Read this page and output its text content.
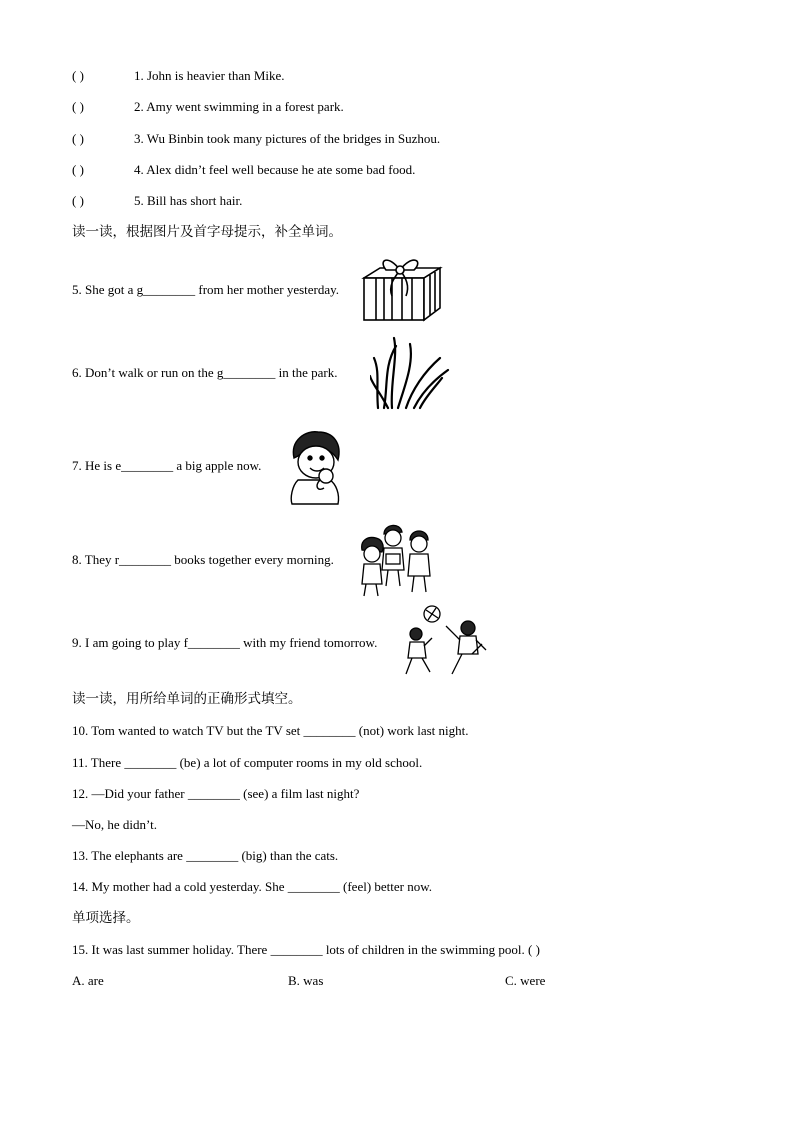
( )	1. John is heavier than Mike.
( )	2. Amy went swimming in a forest park.
( )	3. Wu Binbin took many pictures of the bridges in Suzhou.
( )	4. Alex didn’t feel well because he ate some bad food.
( )	5. Bill has short hair.
读一读，根据图片及首字母提示，补全单词。
5. She got a g________ from her mother yesterday.
6. Don’t walk or run on the g________ in the park.
7. He is e________ a big apple now.
8. They r________ books together every morning.
9. I am going to play f________ with my friend tomorrow.
读一读，用所给单词的正确形式填空。
10. Tom wanted to watch TV but the TV set ________ (not) work last night.
11. There ________ (be) a lot of computer rooms in my old school.
12. —Did your father ________ (see) a film last night?
—No, he didn’t.
13. The elephants are ________ (big) than the cats.
14. My mother had a cold yesterday. She ________ (feel) better now.
单项选择。
15. It was last summer holiday. There ________ lots of children in the swimming pool. ( )
A. are	B. was	C. were
